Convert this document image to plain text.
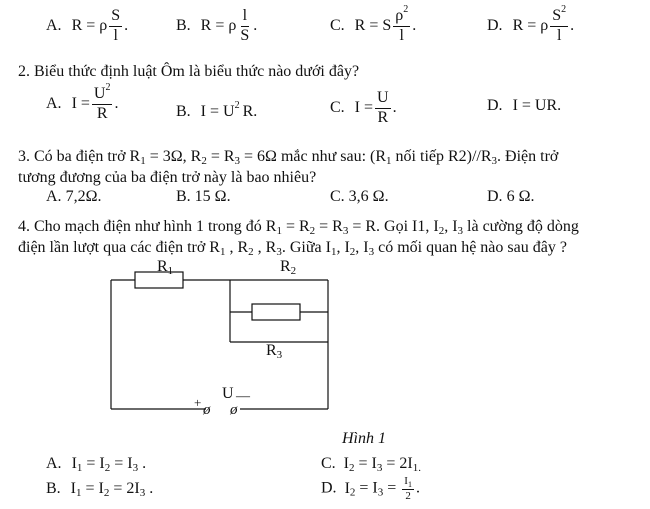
A. R = ρ $\frac{S}{l}$ .	B. R = ρ $\frac{l}{S}$ .	C. R = S $\frac{\rho^2}{l}$ .	D. R = ρ $\frac{S^2}{l}$ .
2. Biểu thức định luật Ôm là biểu thức nào dưới đây?
A. $I = \frac{U^2}{R}$ .	B. $I = U^2$ R.	C. $I = \frac{U}{R}$ .	D. I = UR.

3. Có ba điện trở $R_1 = 3\Omega$, $R_2 = R_3 = 6\Omega$ mắc như sau: ($R_1$ nối tiếp $R2)//R_3$. Điện trở

tương đương của ba điện trở này là bao nhiêu?

A. 7,2Ω.	B. 15 Ω.	C. 3,6 Ω.	D. 6 Ω.

4. Cho mạch điện như hình 1 trong đó $R_1 = R_2 = R_3 = R$. Gọi I1, $I_2$, $I_3$ là cường độ dòng

điện lần lượt qua các điện trở $R_1$ , $R_2$ , $R_3$. Giữa $I_1$, $I_2$, $I_3$ có mối quan hệ nào sau đây ?

R1	R2
R3
U —
+ ø ø
Hình 1
A. $I_1 = I_2 = I_3$ .
B. $I_1 = I_2 = 2I_3$ .
C. $I_2 = I_3 = 2I_{1.}$
D. $I_2 = I_3 = \frac{I_1}{2}$ .
